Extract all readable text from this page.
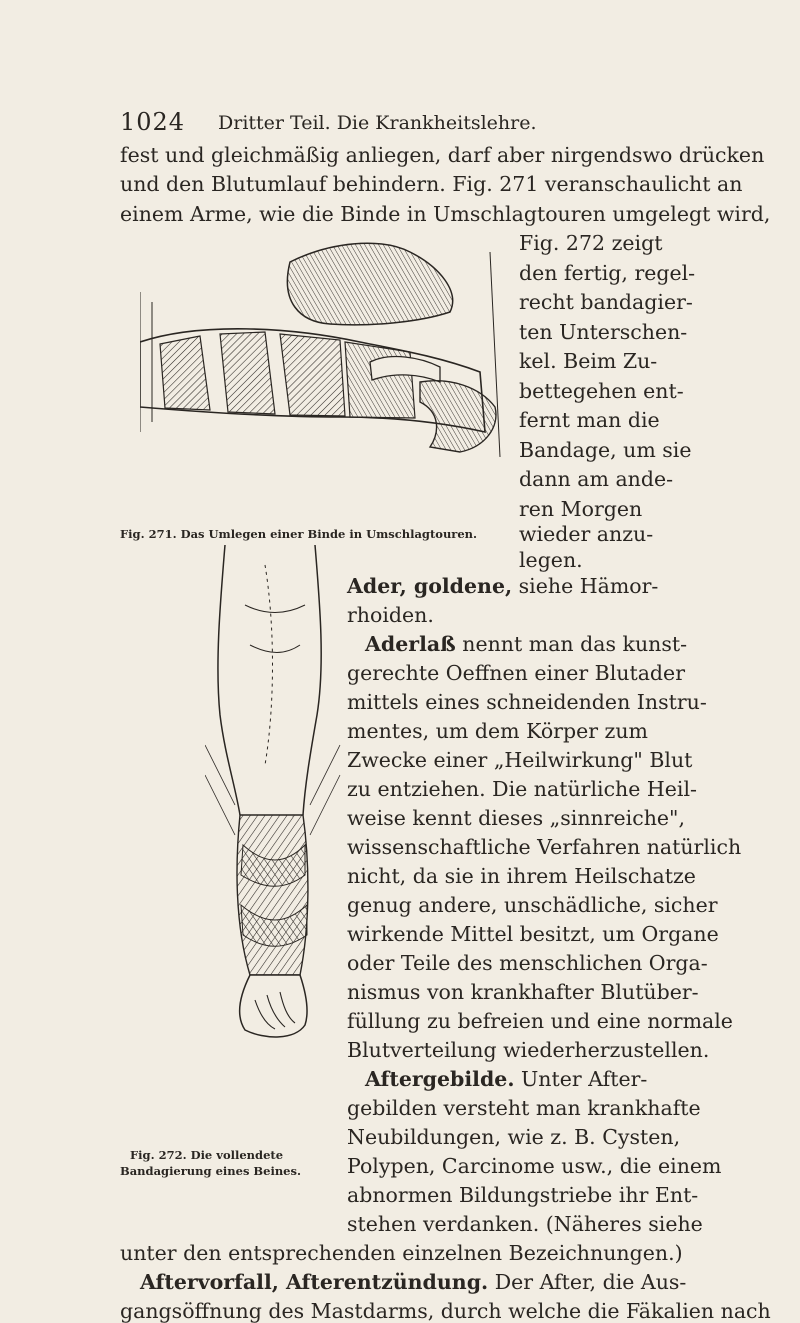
1024 Dritter Teil. Die Krankheitslehre.
fest und gleichmäßig anliegen, darf aber nirgendswo drücken
und den Blutumlauf behindern. Fig. 271 veranschaulicht an
einem Arme, wie die Binde in Umschlagtouren umgelegt wird,
Fig. 272 zeigt
den fertig, regel-
recht bandagier-
ten Unterschen-
kel. Beim Zu-
bettegehen ent-
fernt man die
Bandage, um sie
dann am ande-
ren Morgen
Fig. 271. Das Umlegen einer Binde in Umschlagtouren. wieder anzu-
legen.
Ader, goldene, siehe Hämor-
rhoiden.
Aderlaß nennt man das kunst-
gerechte Oeffnen einer Blutader
mittels eines schneidenden Instru-
mentes, um dem Körper zum
Zwecke einer „Heilwirkung" Blut
zu entziehen. Die natürliche Heil-
weise kennt dieses „sinnreiche",
wissenschaftliche Verfahren natürlich
nicht, da sie in ihrem Heilschatze
genug andere, unschädliche, sicher
wirkende Mittel besitzt, um Organe
oder Teile des menschlichen Orga-
nismus von krankhafter Blutüber-
füllung zu befreien und eine normale
Blutverteilung wiederherzustellen.
Aftergebilde. Unter After-
gebilden versteht man krankhafte
Neubildungen, wie z. B. Cysten,
Polypen, Carcinome usw., die einem
Fig. 272. Die vollendete
Bandagierung eines Beines.
abnormen Bildungstriebe ihr Ent-
stehen verdanken. (Näheres siehe
unter den entsprechenden einzelnen Bezeichnungen.)
Aftervorfall, Afterentzündung. Der After, die Aus-
gangsöffnung des Mastdarms, durch welche die Fäkalien nach
